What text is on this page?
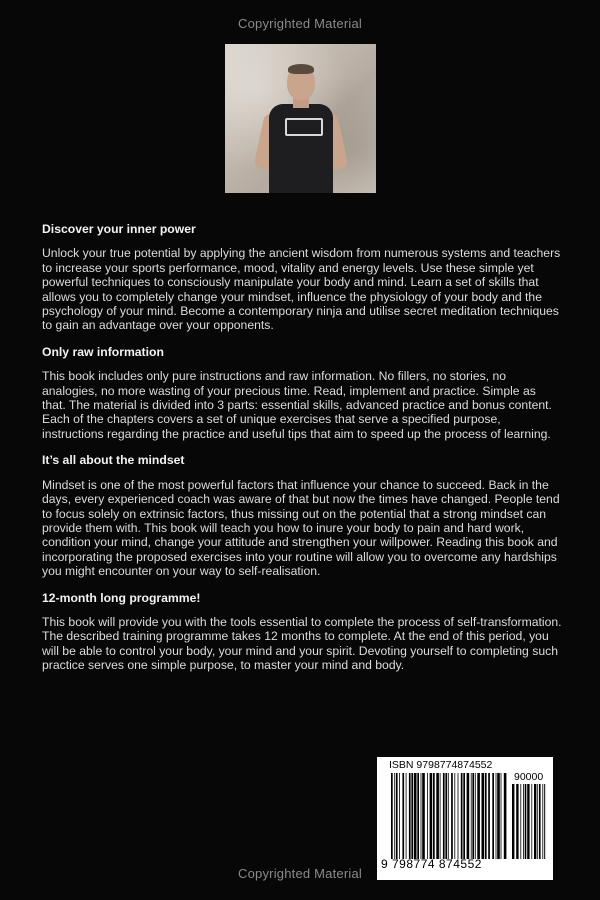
Copyrighted Material
Discover your inner power

Unlock your true potential by applying the ancient wisdom from numerous systems and teachers to increase your sports performance, mood, vitality and energy levels. Use these simple yet powerful techniques to consciously manipulate your body and mind. Learn a set of skills that allows you to completely change your mindset, influence the physiology of your body and the psychology of your mind. Become a contemporary ninja and utilise secret meditation techniques to gain an advantage over your opponents.

Only raw information

This book includes only pure instructions and raw information. No fillers, no stories, no analogies, no more wasting of your precious time. Read, implement and practice. Simple as that. The material is divided into 3 parts: essential skills, advanced practice and bonus content. Each of the chapters covers a set of unique exercises that serve a specified purpose, instructions regarding the practice and useful tips that aim to speed up the process of learning.

It’s all about the mindset

Mindset is one of the most powerful factors that influence your chance to succeed. Back in the days, every experienced coach was aware of that but now the times have changed. People tend to focus solely on extrinsic factors, thus missing out on the potential that a strong mindset can provide them with. This book will teach you how to inure your body to pain and hard work, condition your mind, change your attitude and strengthen your willpower. Reading this book and incorporating the proposed exercises into your routine will allow you to overcome any hardships you might encounter on your way to self-realisation.

12-month long programme!

This book will provide you with the tools essential to complete the process of self-transformation. The described training programme takes 12 months to complete. At the end of this period, you will be able to control your body, your mind and your spirit. Devoting yourself to completing such practice serves one simple purpose, to master your mind and body.

ISBN 9798774874552
90000
9 798774 874552
Copyrighted Material
